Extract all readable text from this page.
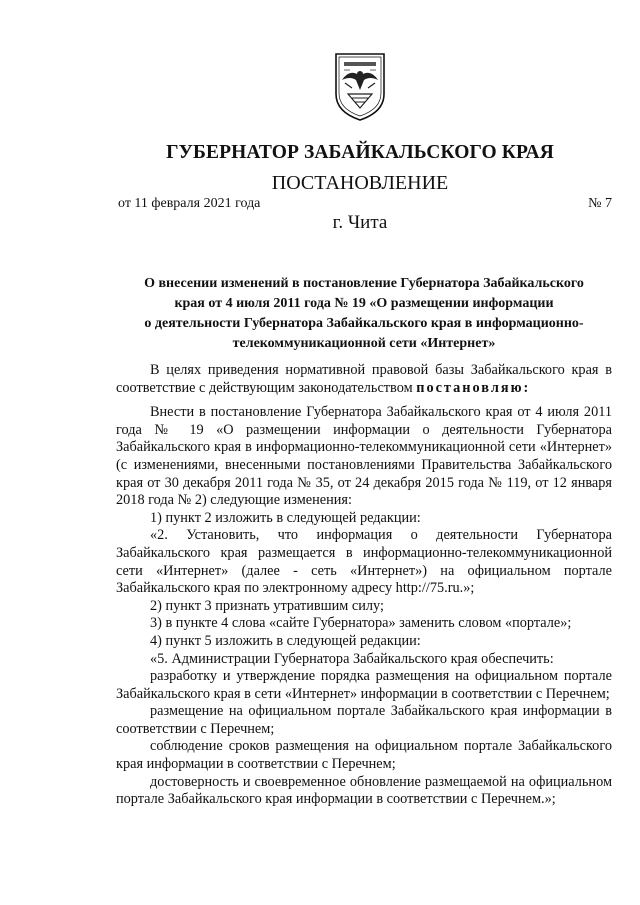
ГУБЕРНАТОР ЗАБАЙКАЛЬСКОГО КРАЯ
ПОСТАНОВЛЕНИЕ
от 11 февраля 2021 года	№ 7
г. Чита
О внесении изменений в постановление Губернатора Забайкальского
края от 4 июля 2011 года № 19 «О размещении информации
о деятельности Губернатора Забайкальского края в информационно-
телекоммуникационной сети «Интернет»

В целях приведения нормативной правовой базы Забайкальского края в соответствие с действующим законодательством постановляю:

Внести в постановление Губернатора Забайкальского края от 4 июля 2011 года № 19 «О размещении информации о деятельности Губернатора Забайкальского края в информационно-телекоммуникационной сети «Интернет» (с изменениями, внесенными постановлениями Правительства Забайкальского края от 30 декабря 2011 года № 35, от 24 декабря 2015 года № 119, от 12 января 2018 года № 2) следующие изменения:

1) пункт 2 изложить в следующей редакции:

«2. Установить, что информация о деятельности Губернатора Забайкальского края размещается в информационно-телекоммуникационной сети «Интернет» (далее - сеть «Интернет») на официальном портале Забайкальского края по электронному адресу http://75.ru.»;

2) пункт 3 признать утратившим силу;

3) в пункте 4 слова «сайте Губернатора» заменить словом «портале»;

4) пункт 5 изложить в следующей редакции:

«5. Администрации Губернатора Забайкальского края обеспечить:

разработку и утверждение порядка размещения на официальном портале Забайкальского края в сети «Интернет» информации в соответствии с Перечнем;

размещение на официальном портале Забайкальского края информации в соответствии с Перечнем;

соблюдение сроков размещения на официальном портале Забайкальского края информации в соответствии с Перечнем;

достоверность и своевременное обновление размещаемой на официальном портале Забайкальского края информации в соответствии с Перечнем.»;
